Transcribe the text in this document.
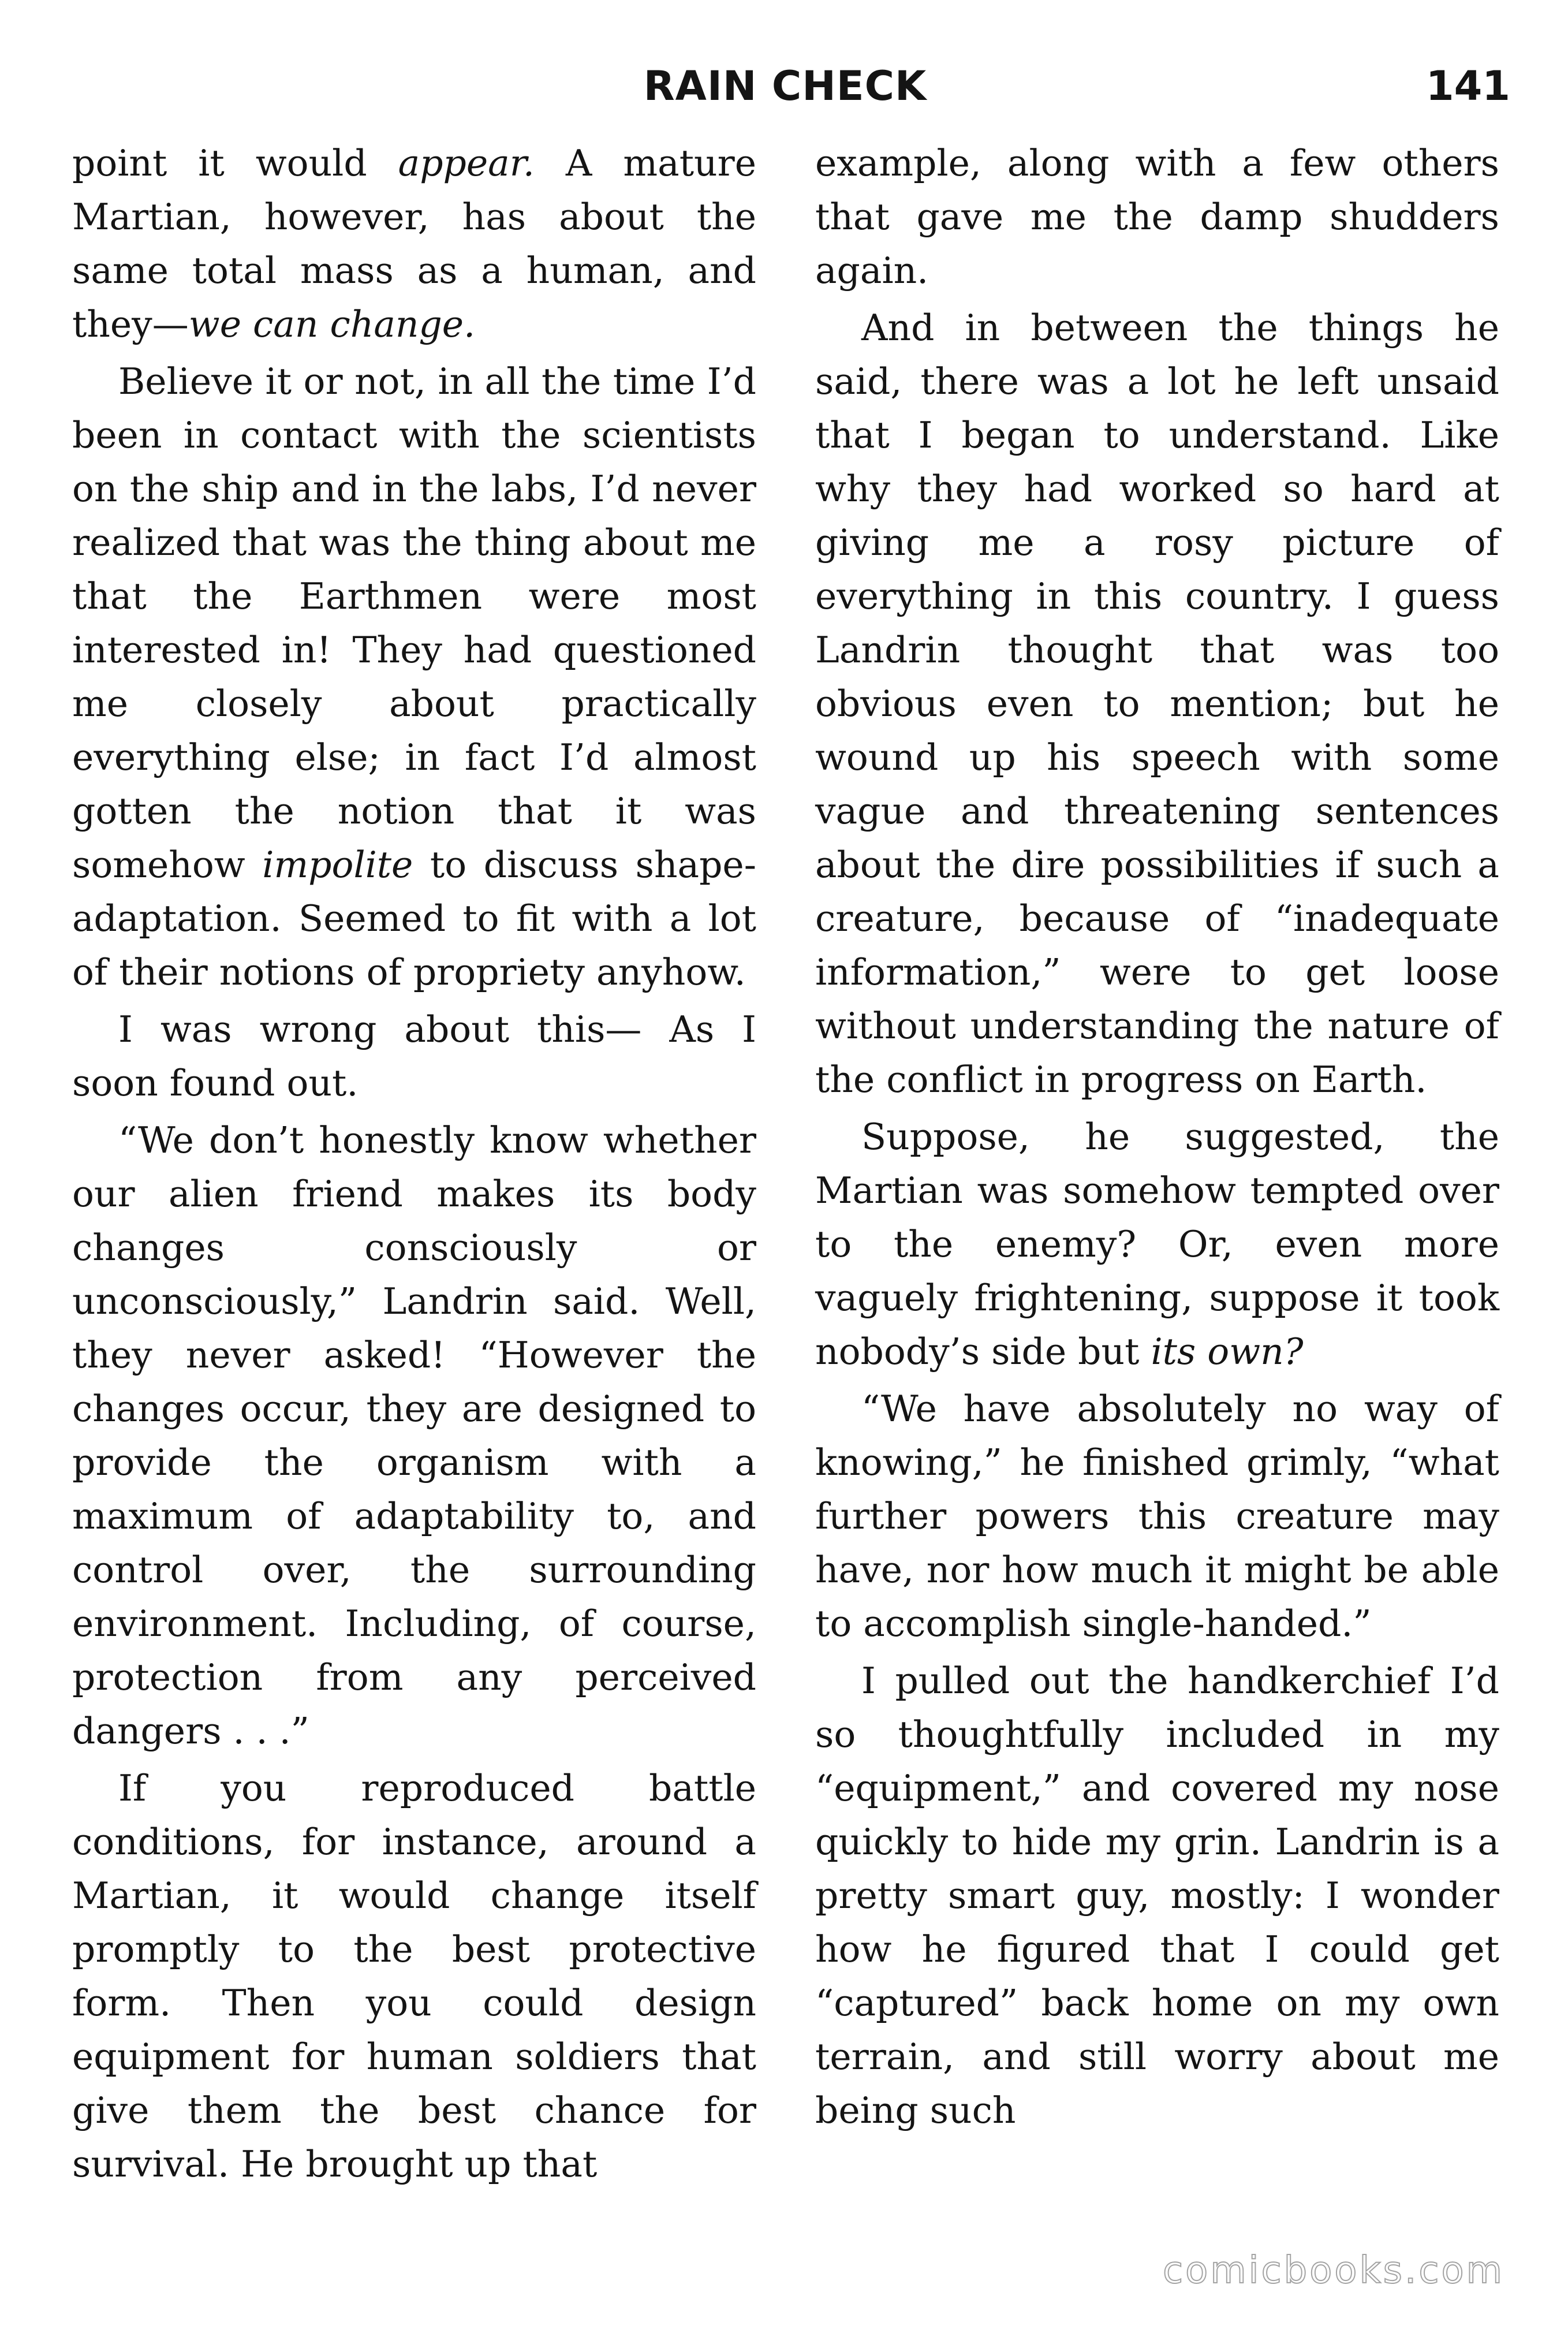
RAIN CHECK	141

point it would appear. A mature Martian, however, has about the same total mass as a human, and they—we can change.

Believe it or not, in all the time I’d been in contact with the scientists on the ship and in the labs, I’d never realized that was the thing about me that the Earthmen were most interested in! They had questioned me closely about practically everything else; in fact I’d almost gotten the notion that it was somehow impolite to discuss shape-adaptation. Seemed to fit with a lot of their notions of propriety anyhow.

I was wrong about this— As I soon found out.

“We don’t honestly know whether our alien friend makes its body changes consciously or unconsciously,” Landrin said. Well, they never asked! “However the changes occur, they are designed to provide the organism with a maximum of adaptability to, and control over, the surrounding environment. Including, of course, protection from any perceived dangers . . .”

If you reproduced battle conditions, for instance, around a Martian, it would change itself promptly to the best protective form. Then you could design equipment for human soldiers that give them the best chance for survival. He brought up that

example, along with a few others that gave me the damp shudders again.

And in between the things he said, there was a lot he left unsaid that I began to understand. Like why they had worked so hard at giving me a rosy picture of everything in this country. I guess Landrin thought that was too obvious even to mention; but he wound up his speech with some vague and threatening sentences about the dire possibilities if such a creature, because of “inadequate information,” were to get loose without understanding the nature of the conflict in progress on Earth.

Suppose, he suggested, the Martian was somehow tempted over to the enemy? Or, even more vaguely frightening, suppose it took nobody’s side but its own?

“We have absolutely no way of knowing,” he finished grimly, “what further powers this creature may have, nor how much it might be able to accomplish single-handed.”

I pulled out the handkerchief I’d so thoughtfully included in my “equipment,” and covered my nose quickly to hide my grin. Landrin is a pretty smart guy, mostly: I wonder how he figured that I could get “captured” back home on my own terrain, and still worry about me being such

comicbooks.com
